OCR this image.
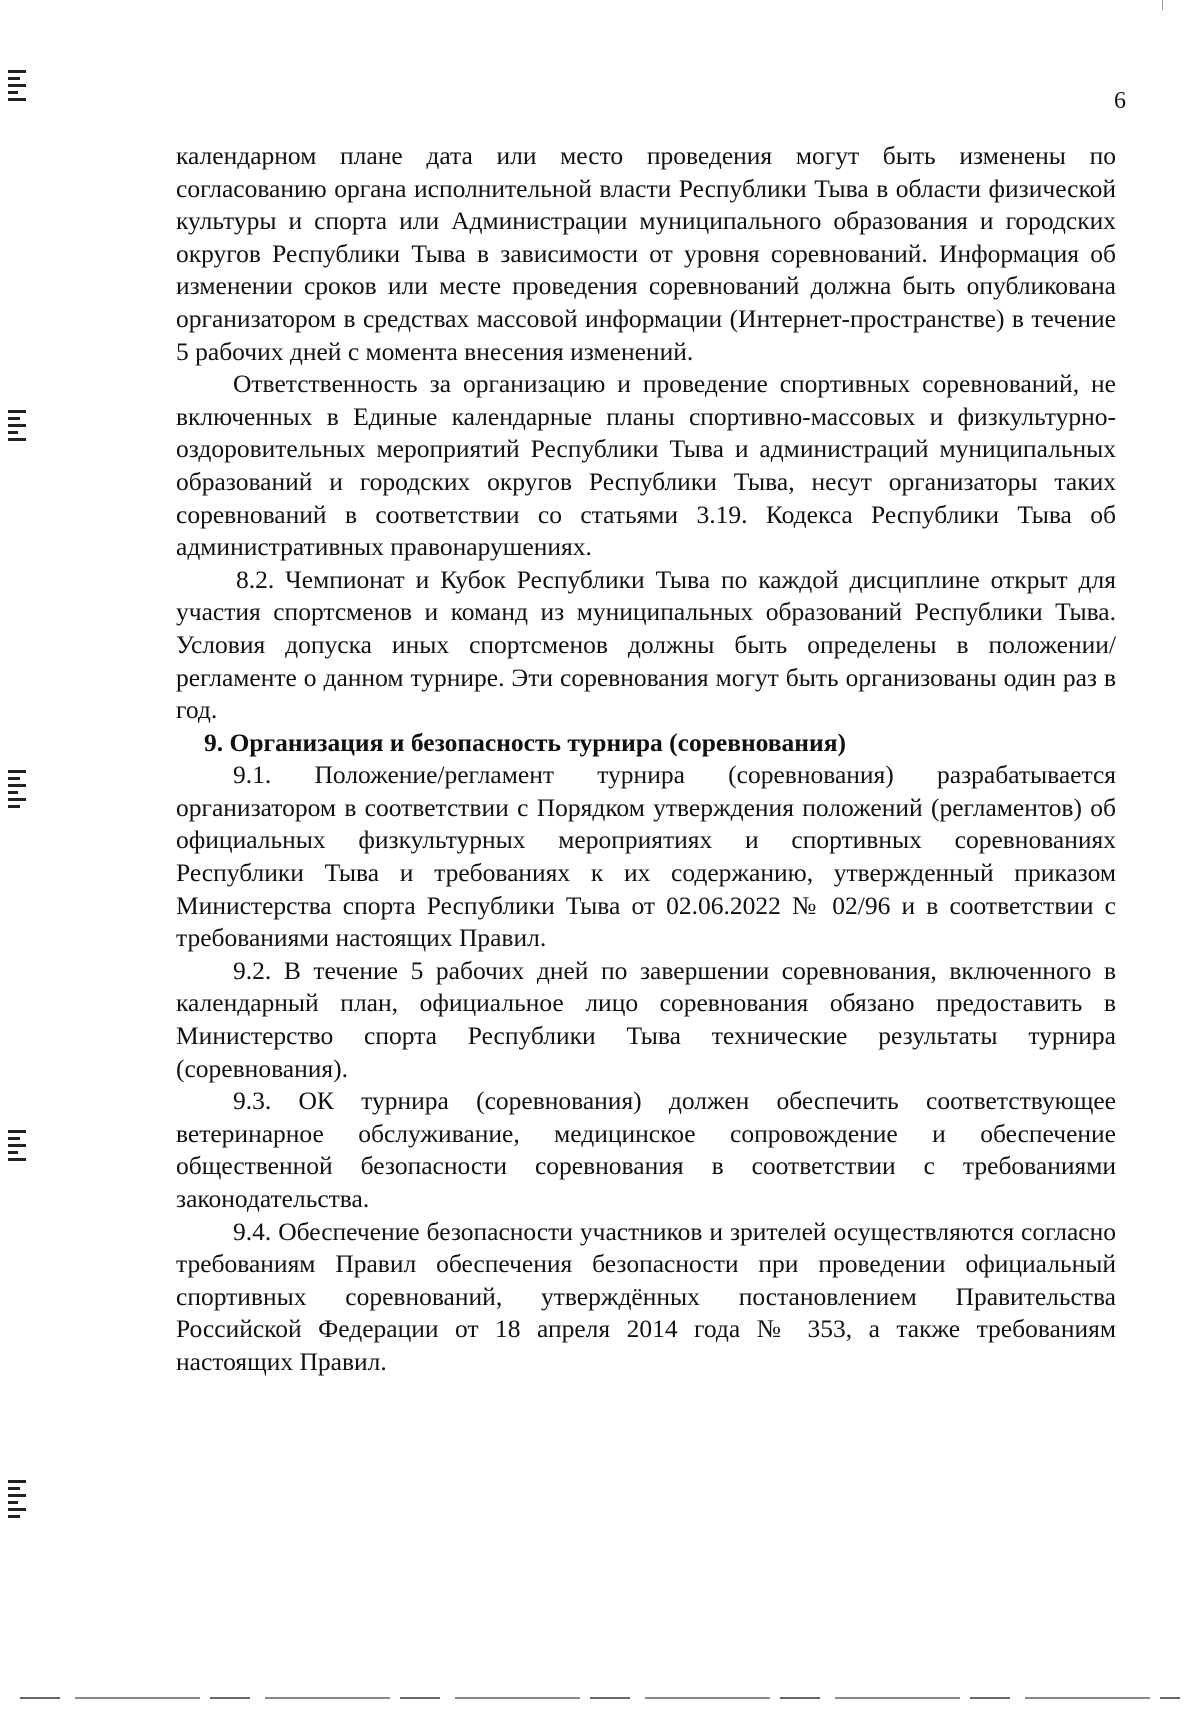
6

календарном плане дата или место проведения могут быть изменены по согласованию органа исполнительной власти Республики Тыва в области физической культуры и спорта или Администрации муниципального образования и городских округов Республики Тыва в зависимости от уровня соревнований. Информация об изменении сроков или месте проведения соревнований должна быть опубликована организатором в средствах массовой информации (Интернет-пространстве) в течение 5 рабочих дней с момента внесения изменений.

Ответственность за организацию и проведение спортивных соревнований, не включенных в Единые календарные планы спортивно-массовых и физкультурно-оздоровительных мероприятий Республики Тыва и администраций муниципальных образований и городских округов Республики Тыва, несут организаторы таких соревнований в соответствии со статьями 3.19. Кодекса Республики Тыва об административных правонарушениях.

8.2. Чемпионат и Кубок Республики Тыва по каждой дисциплине открыт для участия спортсменов и команд из муниципальных образований Республики Тыва. Условия допуска иных спортсменов должны быть определены в положении/регламенте о данном турнире. Эти соревнования могут быть организованы один раз в год.

9. Организация и безопасность турнира (соревнования)

9.1. Положение/регламент турнира (соревнования) разрабатывается организатором в соответствии с Порядком утверждения положений (регламентов) об официальных физкультурных мероприятиях и спортивных соревнованиях Республики Тыва и требованиях к их содержанию, утвержденный приказом Министерства спорта Республики Тыва от 02.06.2022 № 02/96 и в соответствии с требованиями настоящих Правил.

9.2. В течение 5 рабочих дней по завершении соревнования, включенного в календарный план, официальное лицо соревнования обязано предоставить в Министерство спорта Республики Тыва технические результаты турнира (соревнования).

9.3. ОК турнира (соревнования) должен обеспечить соответствующее ветеринарное обслуживание, медицинское сопровождение и обеспечение общественной безопасности соревнования в соответствии с требованиями законодательства.

9.4. Обеспечение безопасности участников и зрителей осуществляются согласно требованиям Правил обеспечения безопасности при проведении официальный спортивных соревнований, утверждённых постановлением Правительства Российской Федерации от 18 апреля 2014 года № 353, а также требованиям настоящих Правил.
